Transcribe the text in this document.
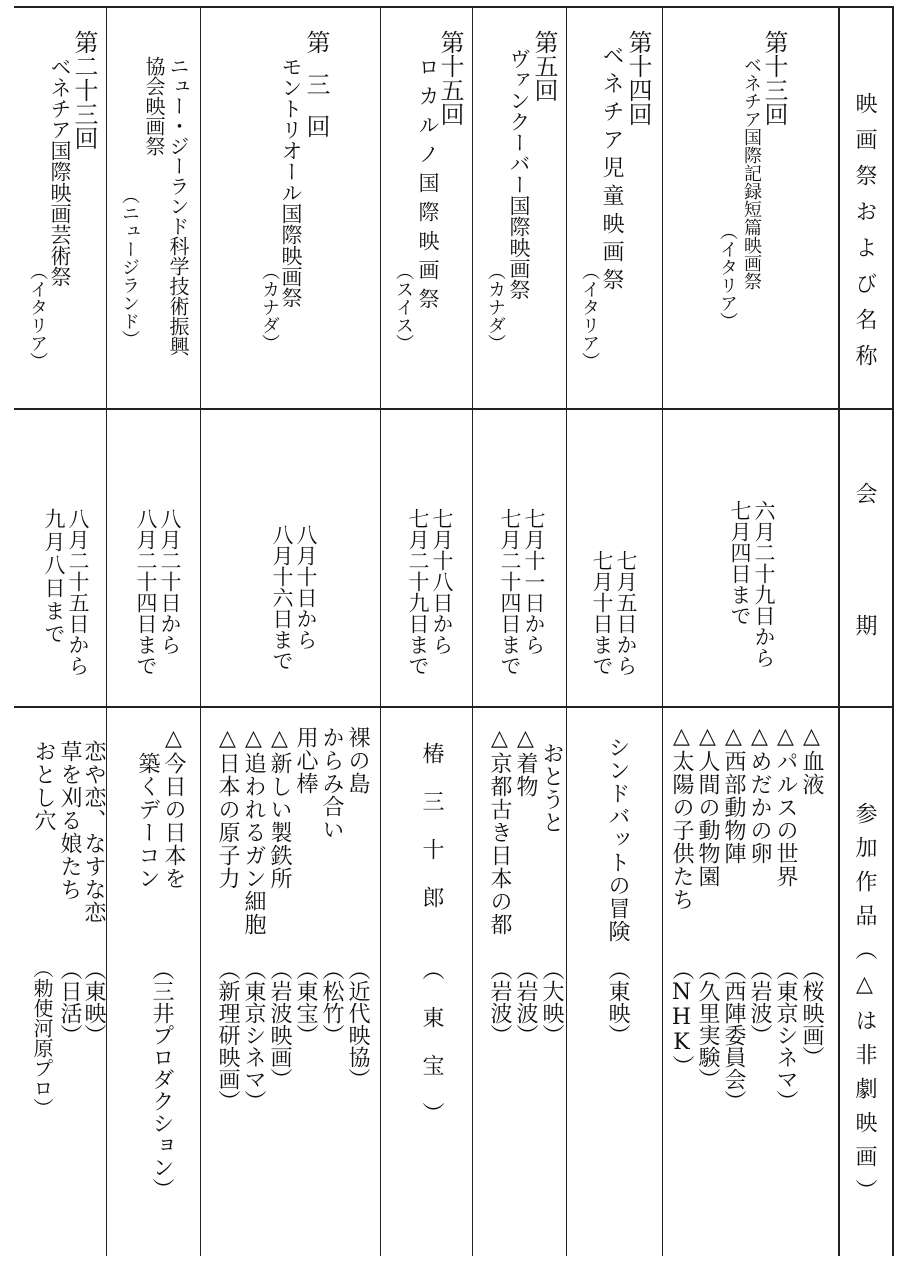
映画祭および名称
会
期
参加作品（△は非劇映画）
第十三回
ベネチア国際記録短篇映画祭
（イタリア）
六月二十九日から
七月四日まで
△血液
△パルスの世界
△めだかの卵
△西部動物陣
△人間の動物園
△太陽の子供たち
（桜映画）
（東京シネマ）
（岩波）
（西陣委員会）
（久里実験）
（NHK）
第十四回
ベネチア児童映画祭
（イタリア）
七月五日から
七月十日まで
シンドバットの冒険
（東映）
第五回
ヴァンクーバー国際映画祭
（カナダ）
七月十一日から
七月二十四日まで
おとうと
△着物
△京都古き日本の都
（大映）
（岩波）
（岩波）
第十五回
ロカルノ国際映画祭
（スイス）
七月十八日から
七月二十九日まで
椿三十郎
（東宝）
第三回
モントリオール国際映画祭
（カナダ）
八月十日から
八月十六日まで
裸の島
からみ合い
用心棒
△新しい製鉄所
△追われるガン細胞
△日本の原子力
（近代映協）
（松竹）
（東宝）
（岩波映画）
（東京シネマ）
（新理研映画）
ニュー・ジーランド科学技術振興
協会映画祭
（ニュージランド）
八月二十日から
八月二十四日まで
△今日の日本を
築くデーコン
（三井プロダクション）
第二十三回
ベネチア国際映画芸術祭
（イタリア）
八月二十五日から
九月八日まで
恋や恋、なすな恋
草を刈る娘たち
おとし穴
（東映）
（日活）
（勅使河原プロ）
